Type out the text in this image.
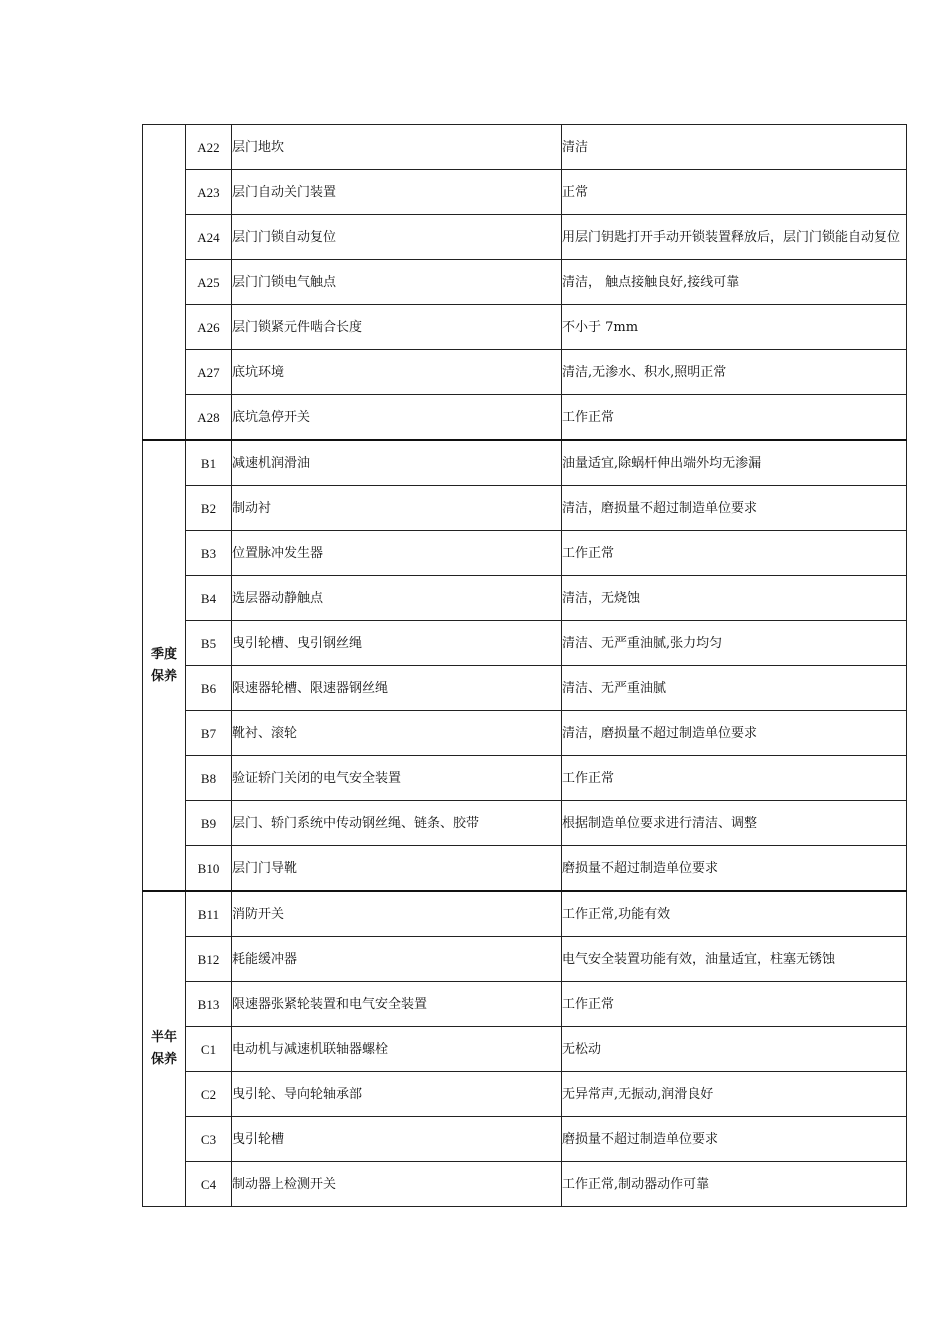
	A22	层门地坎	清洁
	A23	层门自动关门装置	正常
	A24	层门门锁自动复位	用层门钥匙打开手动开锁装置释放后，层门门锁能自动复位
	A25	层门门锁电气触点	清洁， 触点接触良好,接线可靠
	A26	层门锁紧元件啮合长度	不小于 7mm
	A27	底坑环境	清洁,无渗水、积水,照明正常
	A28	底坑急停开关	工作正常
季度保养	B1	减速机润滑油	油量适宜,除蜗杆伸出端外均无渗漏
	B2	制动衬	清洁，磨损量不超过制造单位要求
	B3	位置脉冲发生器	工作正常
	B4	选层器动静触点	清洁，无烧蚀
	B5	曳引轮槽、曳引钢丝绳	清洁、无严重油腻,张力均匀
	B6	限速器轮槽、限速器钢丝绳	清洁、无严重油腻
	B7	靴衬、滚轮	清洁，磨损量不超过制造单位要求
	B8	验证轿门关闭的电气安全装置	工作正常
	B9	层门、轿门系统中传动钢丝绳、链条、胶带	根据制造单位要求进行清洁、调整
	B10	层门门导靴	磨损量不超过制造单位要求
半年保养	B11	消防开关	工作正常,功能有效
	B12	耗能缓冲器	电气安全装置功能有效，油量适宜，柱塞无锈蚀
	B13	限速器张紧轮装置和电气安全装置	工作正常
	C1	电动机与减速机联轴器螺栓	无松动
	C2	曳引轮、导向轮轴承部	无异常声,无振动,润滑良好
	C3	曳引轮槽	磨损量不超过制造单位要求
	C4	制动器上检测开关	工作正常,制动器动作可靠
